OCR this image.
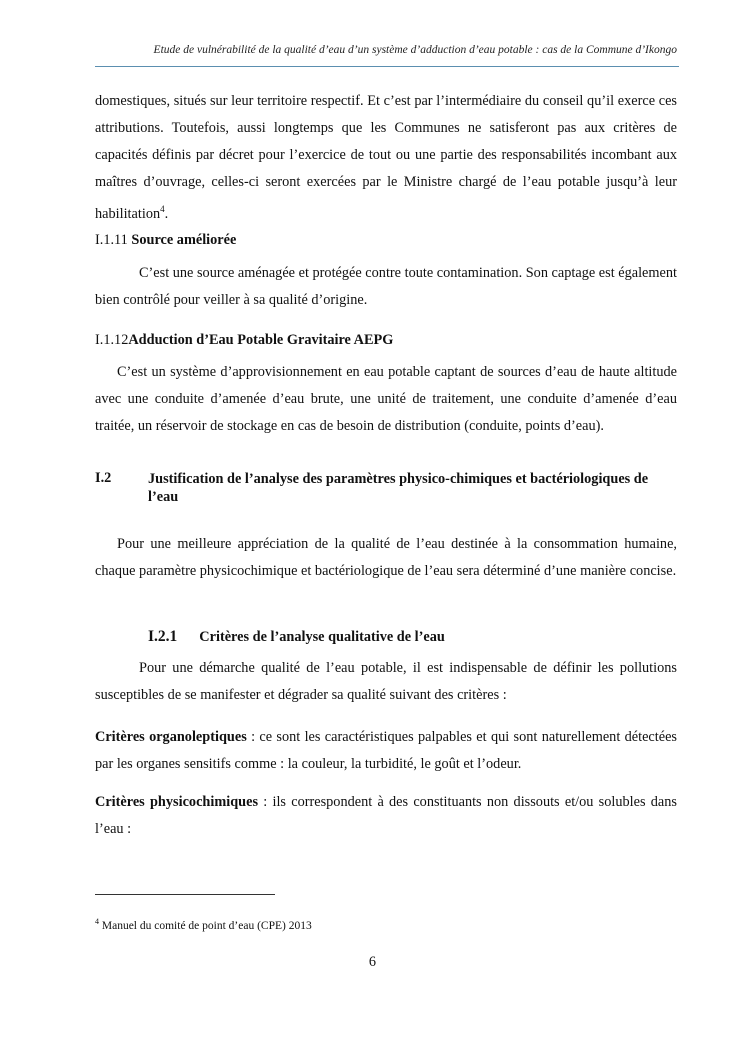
Etude de vulnérabilité de la qualité d’eau d’un système d’adduction d’eau potable : cas de la Commune d’Ikongo
domestiques, situés sur leur territoire respectif. Et c’est par l’intermédiaire du conseil qu’il exerce ces attributions. Toutefois, aussi longtemps que les Communes ne satisferont pas aux critères de capacités définis par décret pour l’exercice de tout ou une partie des responsabilités incombant aux maîtres d’ouvrage, celles-ci seront exercées par le Ministre chargé de l’eau potable jusqu’à leur habilitation$^4$.
I.1.11 Source améliorée
C’est une source aménagée et protégée contre toute contamination. Son captage est également bien contrôlé pour veiller à sa qualité d’origine.
I.1.12Adduction d’Eau Potable Gravitaire AEPG
C’est un système d’approvisionnement en eau potable captant de sources d’eau de haute altitude avec une conduite d’amenée d’eau brute, une unité de traitement, une conduite d’amenée d’eau traitée, un réservoir de stockage en cas de besoin de distribution (conduite, points d’eau).
I.2	Justification de l’analyse des paramètres physico-chimiques et bactériologiques de l’eau
Pour une meilleure appréciation de la qualité de l’eau destinée à la consommation humaine, chaque paramètre physicochimique et bactériologique de l’eau sera déterminé d’une manière concise.
I.2.1 Critères de l’analyse qualitative de l’eau
Pour une démarche qualité de l’eau potable, il est indispensable de définir les pollutions susceptibles de se manifester et dégrader sa qualité suivant des critères :
Critères organoleptiques : ce sont les caractéristiques palpables et qui sont naturellement détectées par les organes sensitifs comme : la couleur, la turbidité, le goût et l’odeur.
Critères physicochimiques : ils correspondent à des constituants non dissouts et/ou solubles dans l’eau :
$^4$ Manuel du comité de point d’eau (CPE) 2013
6
